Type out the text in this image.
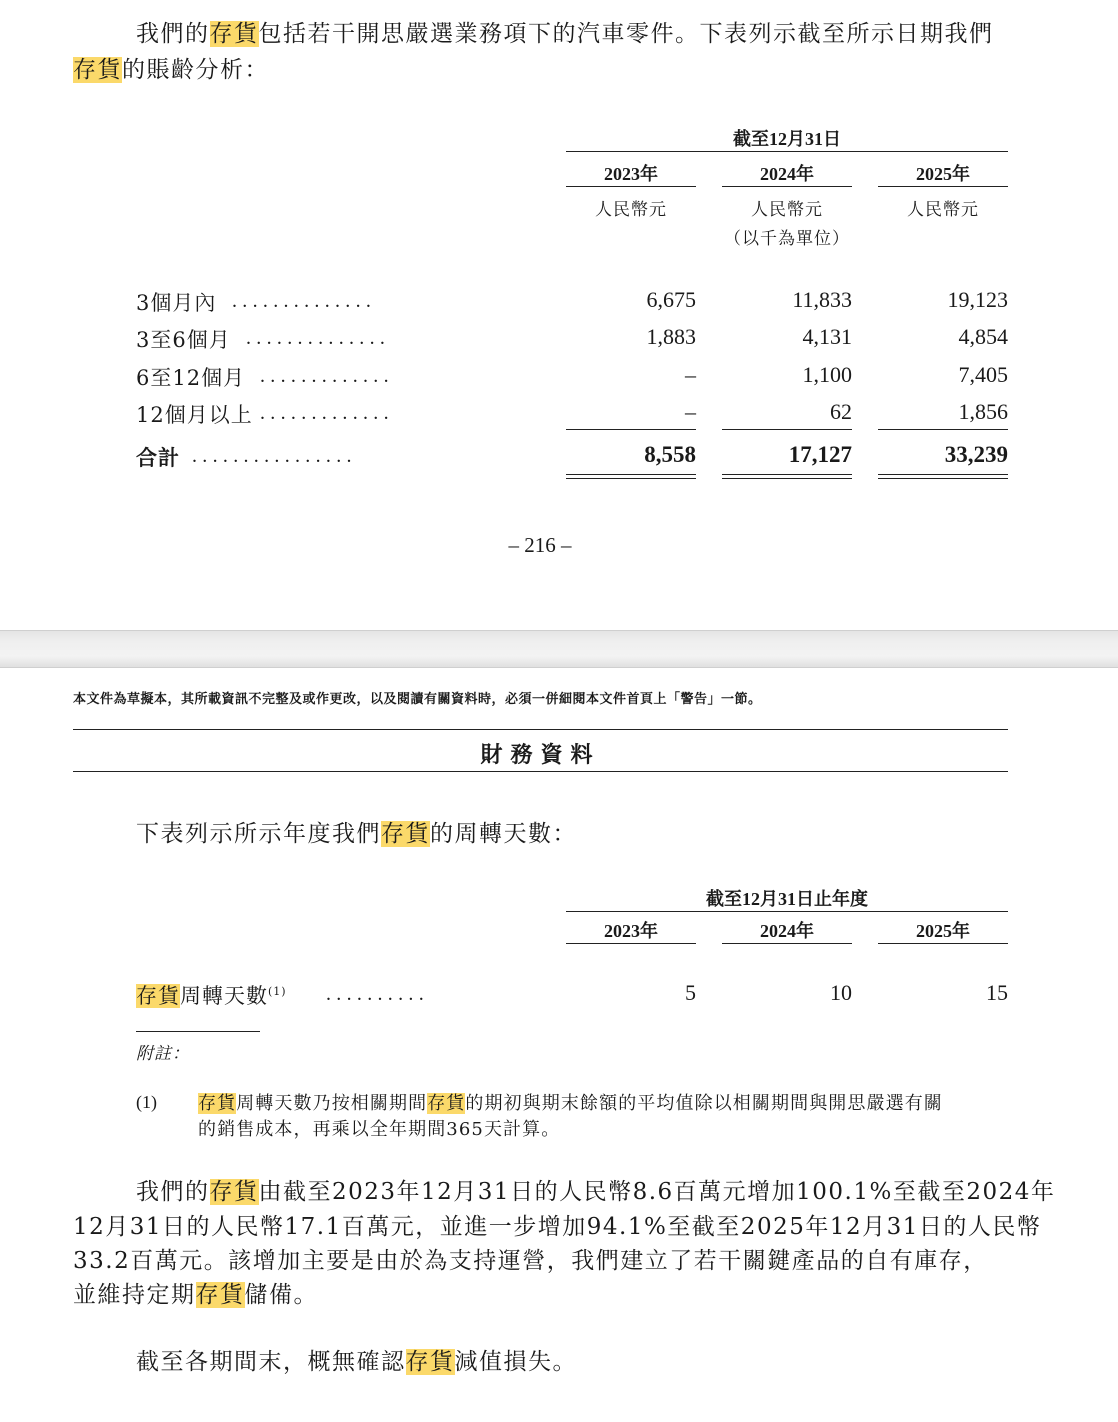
我們的存貨包括若干開思嚴選業務項下的汽車零件。下表列示截至所示日期我們
存貨的賬齡分析：
截至12月31日
2023年	2024年	2025年
人民幣元	人民幣元	人民幣元
（以千為單位）
3個月內 ..............	6,675	11,833	19,123
3至6個月 ..............	1,883	4,131	4,854
6至12個月 .............	–	1,100	7,405
12個月以上 .............	–	62	1,856
合計 ................	8,558	17,127	33,239
– 216 –
本文件為草擬本，其所載資訊不完整及或作更改，以及閱讀有關資料時，必須一併細閱本文件首頁上「警告」一節。
財務資料
下表列示所示年度我們存貨的周轉天數：
截至12月31日止年度
2023年	2024年	2025年
存貨周轉天數$^{(1)}$ ..........	5	10	15
附註：
(1) 存貨周轉天數乃按相關期間存貨的期初與期末餘額的平均值除以相關期間與開思嚴選有關
的銷售成本，再乘以全年期間365天計算。
我們的存貨由截至2023年12月31日的人民幣8.6百萬元增加100.1%至截至2024年
12月31日的人民幣17.1百萬元，並進一步增加94.1%至截至2025年12月31日的人民幣
33.2百萬元。該增加主要是由於為支持運營，我們建立了若干關鍵產品的自有庫存，
並維持定期存貨儲備。
截至各期間末，概無確認存貨減值損失。
